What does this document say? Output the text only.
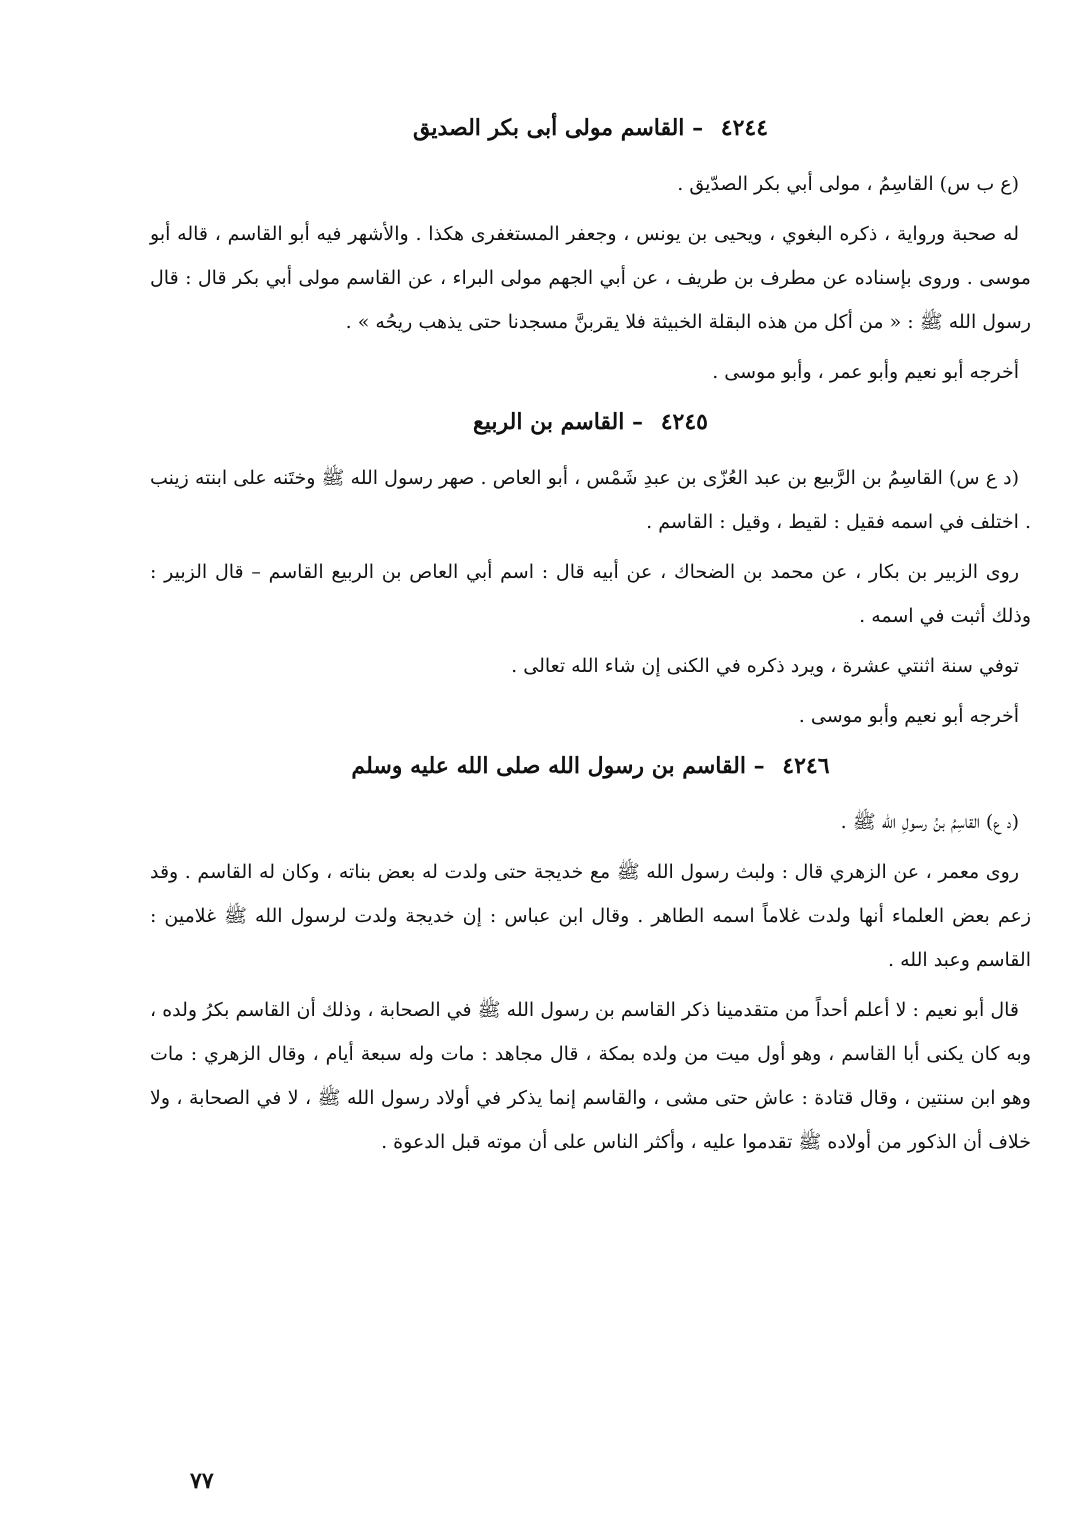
٤٢٤٤ – القاسم مولى أبى بكر الصديق

(ع ب س) القاسِمُ ، مولى أبي بكر الصدّيق .

له صحبة ورواية ، ذكره البغوي ، ويحيى بن يونس ، وجعفر المستغفرى هكذا . والأشهر فيه أبو القاسم ، قاله أبو موسى . وروى بإسناده عن مطرف بن طريف ، عن أبي الجهم مولى البراء ، عن القاسم مولى أبي بكر قال : قال رسول الله ﷺ : « من أكل من هذه البقلة الخبيثة فلا يقربنَّ مسجدنا حتى يذهب ريحُه » .

أخرجه أبو نعيم وأبو عمر ، وأبو موسى .

٤٢٤٥ – القاسم بن الربيع

(د ع س) القاسِمُ بن الرَّبيع بن عبد العُزّى بن عبدِ شَمْس ، أبو العاص . صهر رسول الله ﷺ وختَنه على ابنته زينب . اختلف في اسمه فقيل : لقيط ، وقيل : القاسم .

روى الزبير بن بكار ، عن محمد بن الضحاك ، عن أبيه قال : اسم أبي العاص بن الربيع القاسم – قال الزبير : وذلك أثبت في اسمه .

توفي سنة اثنتي عشرة ، ويرد ذكره في الكنى إن شاء الله تعالى .

أخرجه أبو نعيم وأبو موسى .

٤٢٤٦ – القاسم بن رسول الله صلى الله عليه وسلم

(د ع) القاسِمُ بنُ رسولِ الله ﷺ .

روى معمر ، عن الزهري قال : ولبث رسول الله ﷺ مع خديجة حتى ولدت له بعض بناته ، وكان له القاسم . وقد زعم بعض العلماء أنها ولدت غلاماً اسمه الطاهر . وقال ابن عباس : إن خديجة ولدت لرسول الله ﷺ غلامين : القاسم وعبد الله .

قال أبو نعيم : لا أعلم أحداً من متقدمينا ذكر القاسم بن رسول الله ﷺ في الصحابة ، وذلك أن القاسم بكرُ ولده ، وبه كان يكنى أبا القاسم ، وهو أول ميت من ولده بمكة ، قال مجاهد : مات وله سبعة أيام ، وقال الزهري : مات وهو ابن سنتين ، وقال قتادة : عاش حتى مشى ، والقاسم إنما يذكر في أولاد رسول الله ﷺ ، لا في الصحابة ، ولا خلاف أن الذكور من أولاده ﷺ تقدموا عليه ، وأكثر الناس على أن موته قبل الدعوة .

٧٧
